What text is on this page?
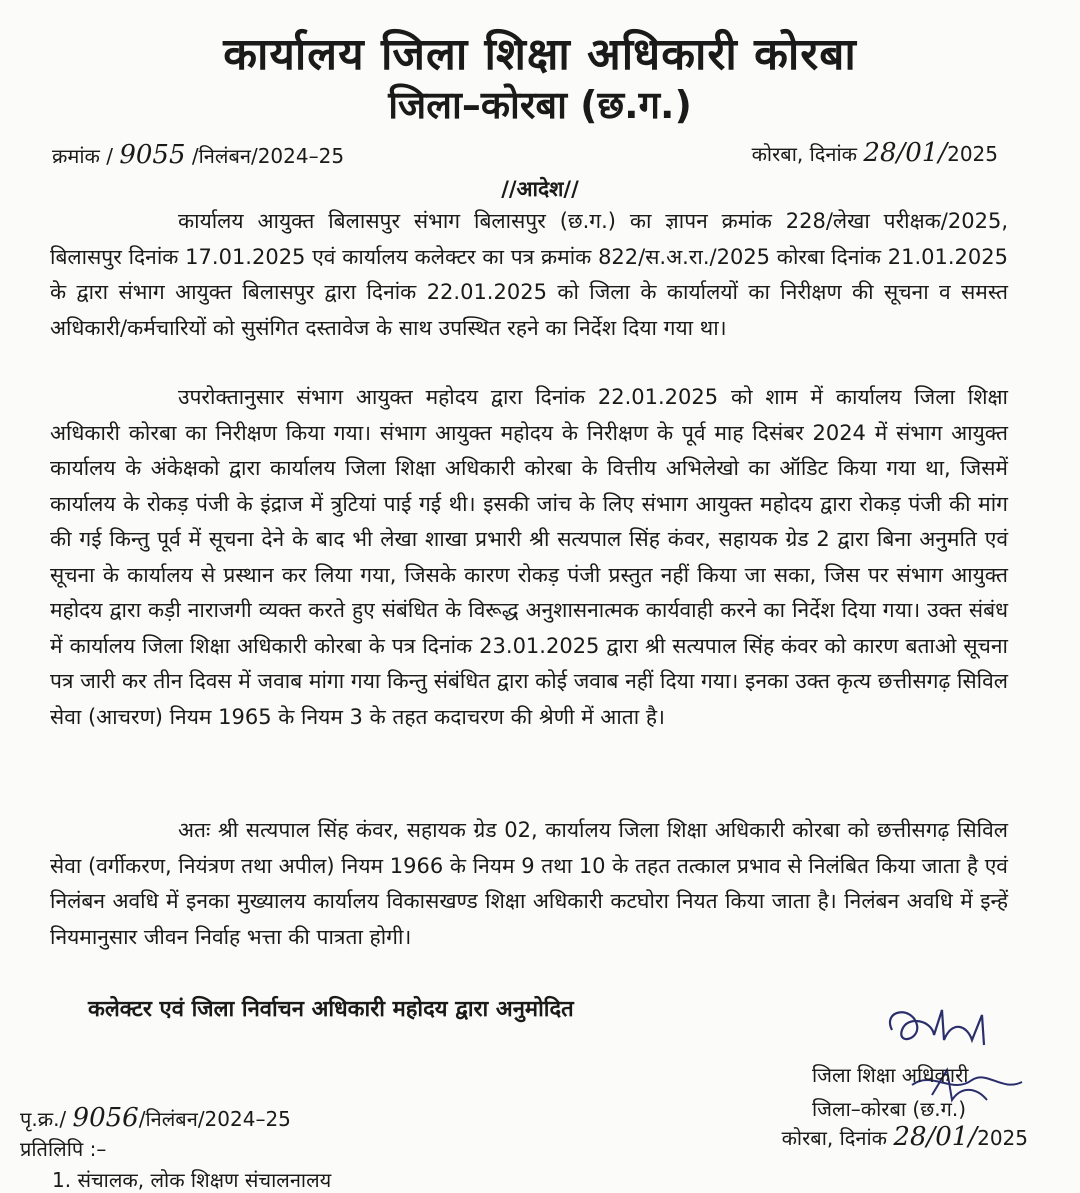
कार्यालय जिला शिक्षा अधिकारी कोरबा
जिला–कोरबा (छ.ग.)
क्रमांक / 9055 /निलंबन/2024–25	कोरबा, दिनांक 28/01/2025
//आदेश//

कार्यालय आयुक्त बिलासपुर संभाग बिलासपुर (छ.ग.) का ज्ञापन क्रमांक 228/लेखा परीक्षक/2025, बिलासपुर दिनांक 17.01.2025 एवं कार्यालय कलेक्टर का पत्र क्रमांक 822/स.अ.रा./2025 कोरबा दिनांक 21.01.2025 के द्वारा संभाग आयुक्त बिलासपुर द्वारा दिनांक 22.01.2025 को जिला के कार्यालयों का निरीक्षण की सूचना व समस्त अधिकारी/कर्मचारियों को सुसंगित दस्तावेज के साथ उपस्थित रहने का निर्देश दिया गया था।

उपरोक्तानुसार संभाग आयुक्त महोदय द्वारा दिनांक 22.01.2025 को शाम में कार्यालय जिला शिक्षा अधिकारी कोरबा का निरीक्षण किया गया। संभाग आयुक्त महोदय के निरीक्षण के पूर्व माह दिसंबर 2024 में संभाग आयुक्त कार्यालय के अंकेक्षको द्वारा कार्यालय जिला शिक्षा अधिकारी कोरबा के वित्तीय अभिलेखो का ऑडिट किया गया था, जिसमें कार्यालय के रोकड़ पंजी के इंद्राज में त्रुटियां पाई गई थी। इसकी जांच के लिए संभाग आयुक्त महोदय द्वारा रोकड़ पंजी की मांग की गई किन्तु पूर्व में सूचना देने के बाद भी लेखा शाखा प्रभारी श्री सत्यपाल सिंह कंवर, सहायक ग्रेड 2 द्वारा बिना अनुमति एवं सूचना के कार्यालय से प्रस्थान कर लिया गया, जिसके कारण रोकड़ पंजी प्रस्तुत नहीं किया जा सका, जिस पर संभाग आयुक्त महोदय द्वारा कड़ी नाराजगी व्यक्त करते हुए संबंधित के विरूद्ध अनुशासनात्मक कार्यवाही करने का निर्देश दिया गया। उक्त संबंध में कार्यालय जिला शिक्षा अधिकारी कोरबा के पत्र दिनांक 23.01.2025 द्वारा श्री सत्यपाल सिंह कंवर को कारण बताओ सूचना पत्र जारी कर तीन दिवस में जवाब मांगा गया किन्तु संबंधित द्वारा कोई जवाब नहीं दिया गया। इनका उक्त कृत्य छत्तीसगढ़ सिविल सेवा (आचरण) नियम 1965 के नियम 3 के तहत कदाचरण की श्रेणी में आता है।

अतः श्री सत्यपाल सिंह कंवर, सहायक ग्रेड 02, कार्यालय जिला शिक्षा अधिकारी कोरबा को छत्तीसगढ़ सिविल सेवा (वर्गीकरण, नियंत्रण तथा अपील) नियम 1966 के नियम 9 तथा 10 के तहत तत्काल प्रभाव से निलंबित किया जाता है एवं निलंबन अवधि में इनका मुख्यालय कार्यालय विकासखण्ड शिक्षा अधिकारी कटघोरा नियत किया जाता है। निलंबन अवधि में इन्हें नियमानुसार जीवन निर्वाह भत्ता की पात्रता होगी।

कलेक्टर एवं जिला निर्वाचन अधिकारी महोदय द्वारा अनुमोदित
जिला शिक्षा अधिकारी
जिला–कोरबा (छ.ग.)
पृ.क्र./ 9056/निलंबन/2024–25
प्रतिलिपि :–	कोरबा, दिनांक 28/01/2025
1. संचालक, लोक शिक्षण संचालनालय
